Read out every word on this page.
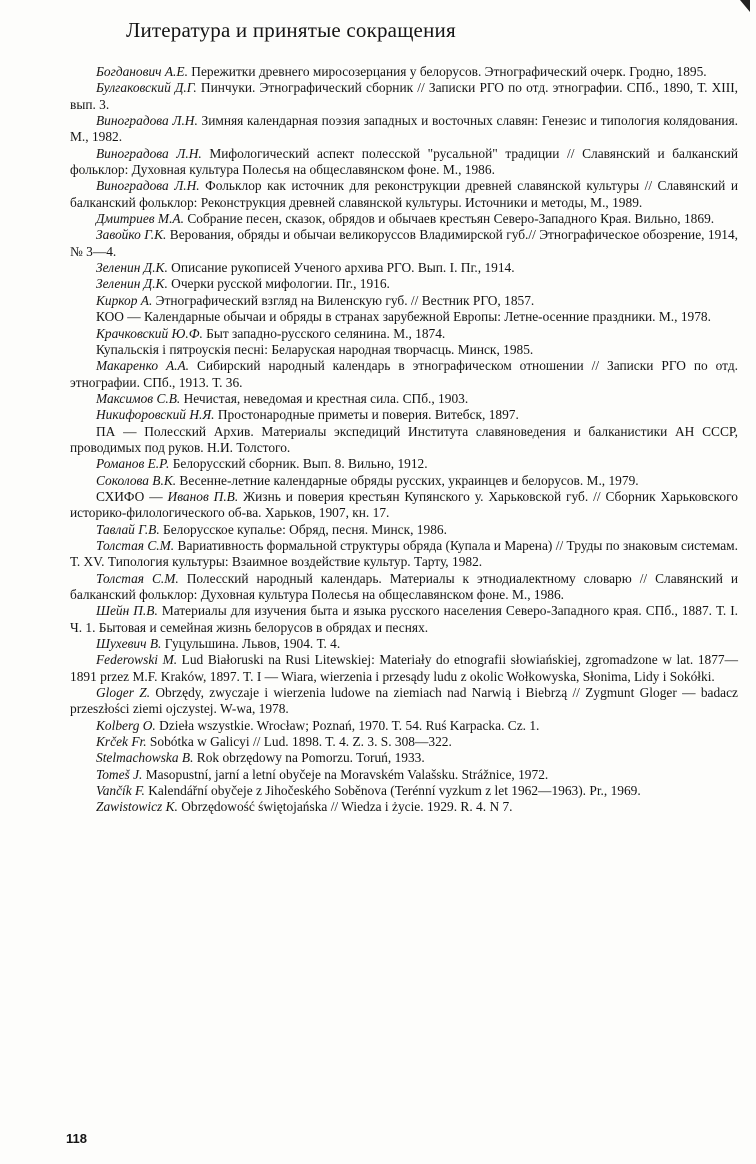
Литература и принятые сокращения

Богданович А.Е. Пережитки древнего миросозерцания у белорусов. Этнографический очерк. Гродно, 1895.

Булгаковский Д.Г. Пинчуки. Этнографический сборник // Записки РГО по отд. этнографии. СПб., 1890, Т. XIII, вып. 3.

Виноградова Л.Н. Зимняя календарная поэзия западных и восточных славян: Генезис и типология колядования. М., 1982.

Виноградова Л.Н. Мифологический аспект полесской "русальной" традиции // Славянский и балканский фольклор: Духовная культура Полесья на общеславянском фоне. М., 1986.

Виноградова Л.Н. Фольклор как источник для реконструкции древней славянской культуры // Славянский и балканский фольклор: Реконструкция древней славянской культуры. Источники и методы, М., 1989.

Дмитриев М.А. Собрание песен, сказок, обрядов и обычаев крестьян Северо-Западного Края. Вильно, 1869.

Завойко Г.К. Верования, обряды и обычаи великоруссов Владимирской губ.// Этнографическое обозрение, 1914, № 3—4.

Зеленин Д.К. Описание рукописей Ученого архива РГО. Вып. I. Пг., 1914.

Зеленин Д.К. Очерки русской мифологии. Пг., 1916.

Киркор А. Этнографический взгляд на Виленскую губ. // Вестник РГО, 1857.

КОО — Календарные обычаи и обряды в странах зарубежной Европы: Летне-осенние праздники. М., 1978.

Крачковский Ю.Ф. Быт западно-русского селянина. М., 1874.

Купальскія і пятроускія песні: Беларуская народная творчасць. Минск, 1985.

Макаренко А.А. Сибирский народный календарь в этнографическом отношении // Записки РГО по отд. этнографии. СПб., 1913. Т. 36.

Максимов С.В. Нечистая, неведомая и крестная сила. СПб., 1903.

Никифоровский Н.Я. Простонародные приметы и поверия. Витебск, 1897.

ПА — Полесский Архив. Материалы экспедиций Института славяноведения и балканистики АН СССР, проводимых под руков. Н.И. Толстого.

Романов Е.Р. Белорусский сборник. Вып. 8. Вильно, 1912.

Соколова В.К. Весенне-летние календарные обряды русских, украинцев и белорусов. М., 1979.

СХИФО — Иванов П.В. Жизнь и поверия крестьян Купянского у. Харьковской губ. // Сборник Харьковского историко-филологического об-ва. Харьков, 1907, кн. 17.

Тавлай Г.В. Белорусское купалье: Обряд, песня. Минск, 1986.

Толстая С.М. Вариативность формальной структуры обряда (Купала и Марена) // Труды по знаковым системам. Т. XV. Типология культуры: Взаимное воздействие культур. Тарту, 1982.

Толстая С.М. Полесский народный календарь. Материалы к этнодиалектному словарю // Славянский и балканский фольклор: Духовная культура Полесья на общеславянском фоне. М., 1986.

Шейн П.В. Материалы для изучения быта и языка русского населения Северо-Западного края. СПб., 1887. Т. I. Ч. 1. Бытовая и семейная жизнь белорусов в обрядах и песнях.

Шухевич В. Гуцульшина. Львов, 1904. Т. 4.

Federowski M. Lud Białoruski na Rusi Litewskiej: Materiały do etnografii słowiańskiej, zgromadzone w lat. 1877—1891 przez M.F. Kraków, 1897. T. I — Wiara, wierzenia i przesądy ludu z okolic Wołkowyska, Słonima, Lidy i Sokółki.

Gloger Z. Obrzędy, zwyczaje i wierzenia ludowe na ziemiach nad Narwią i Biebrzą // Zygmunt Gloger — badacz przeszłości ziemi ojczystej. W-wa, 1978.

Kolberg O. Dzieła wszystkie. Wrocław; Poznań, 1970. T. 54. Ruś Karpacka. Cz. 1.

Krček Fr. Sobótka w Galicyi // Lud. 1898. T. 4. Z. 3. S. 308—322.

Stelmachowska B. Rok obrzędowy na Pomorzu. Toruń, 1933.

Tomeš J. Masopustní, jarní a letní obyčeje na Moravském Valašsku. Strážnice, 1972.

Vančík F. Kalendářní obyčeje z Jihočeského Soběnova (Terénní vyzkum z let 1962—1963). Pr., 1969.

Zawistowicz K. Obrzędowość świętojańska // Wiedza i życie. 1929. R. 4. N 7.

118
